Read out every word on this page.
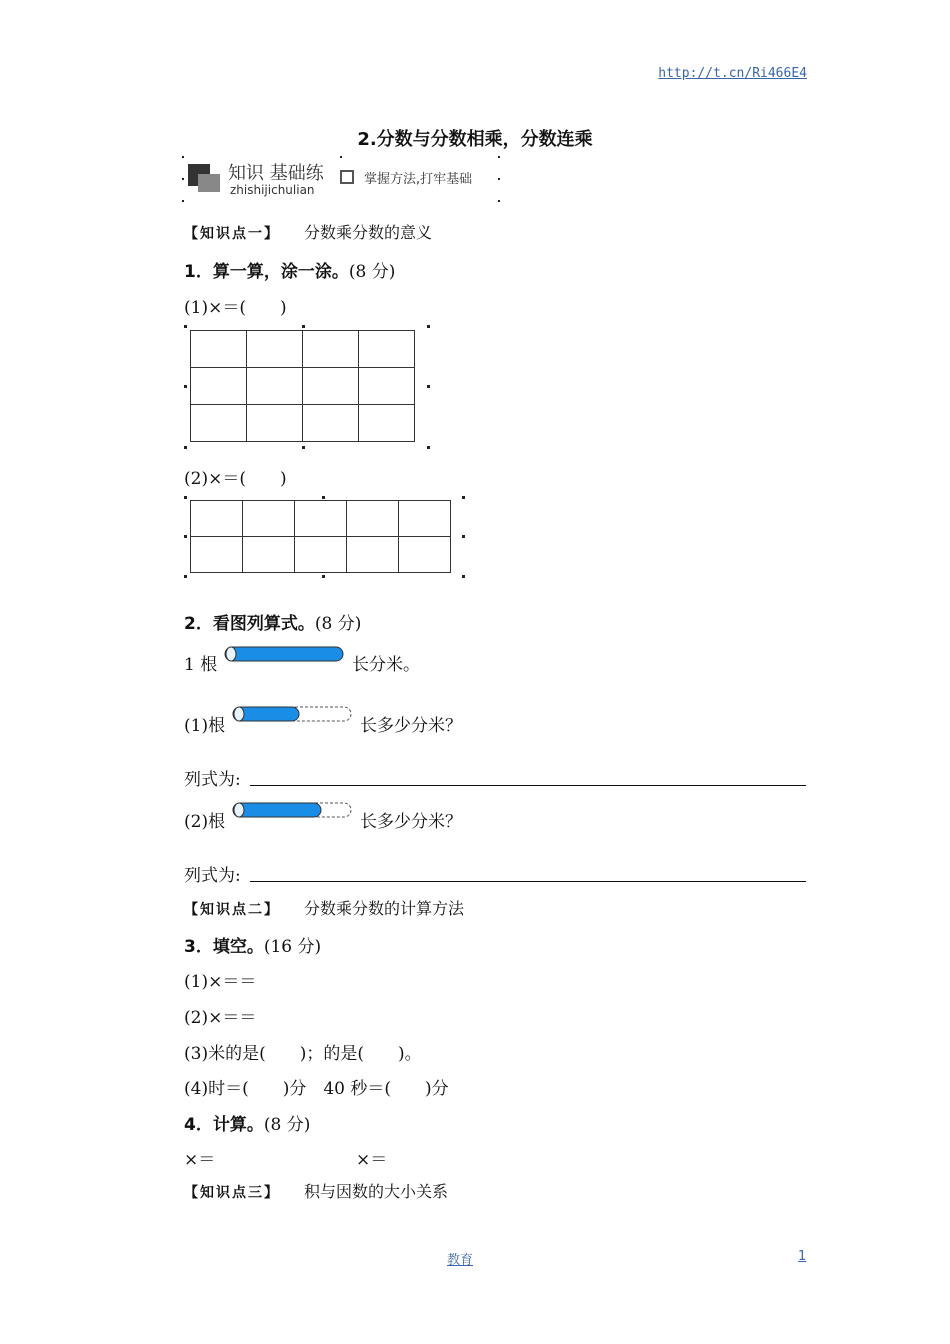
http://t.cn/Ri466E4
2.分数与分数相乘，分数连乘
知识 基础练
zhishijichulian
掌握方法,打牢基础
【知识点一】 分数乘分数的意义
1．算一算，涂一涂。(8 分)
(1)×＝(　　)

(2)×＝(　　)

2．看图列算式。(8 分)
1 根	长分米。
(1)根	长多少分米？
列式为:
(2)根	长多少分米？
列式为:
【知识点二】 分数乘分数的计算方法
3．填空。(16 分)
(1)×＝＝
(2)×＝＝
(3)米的是(　　)；的是(　　)。
(4)时＝(　　)分　40 秒＝(　　)分
4．计算。(8 分)
×＝	×＝
【知识点三】 积与因数的大小关系
教育	1
